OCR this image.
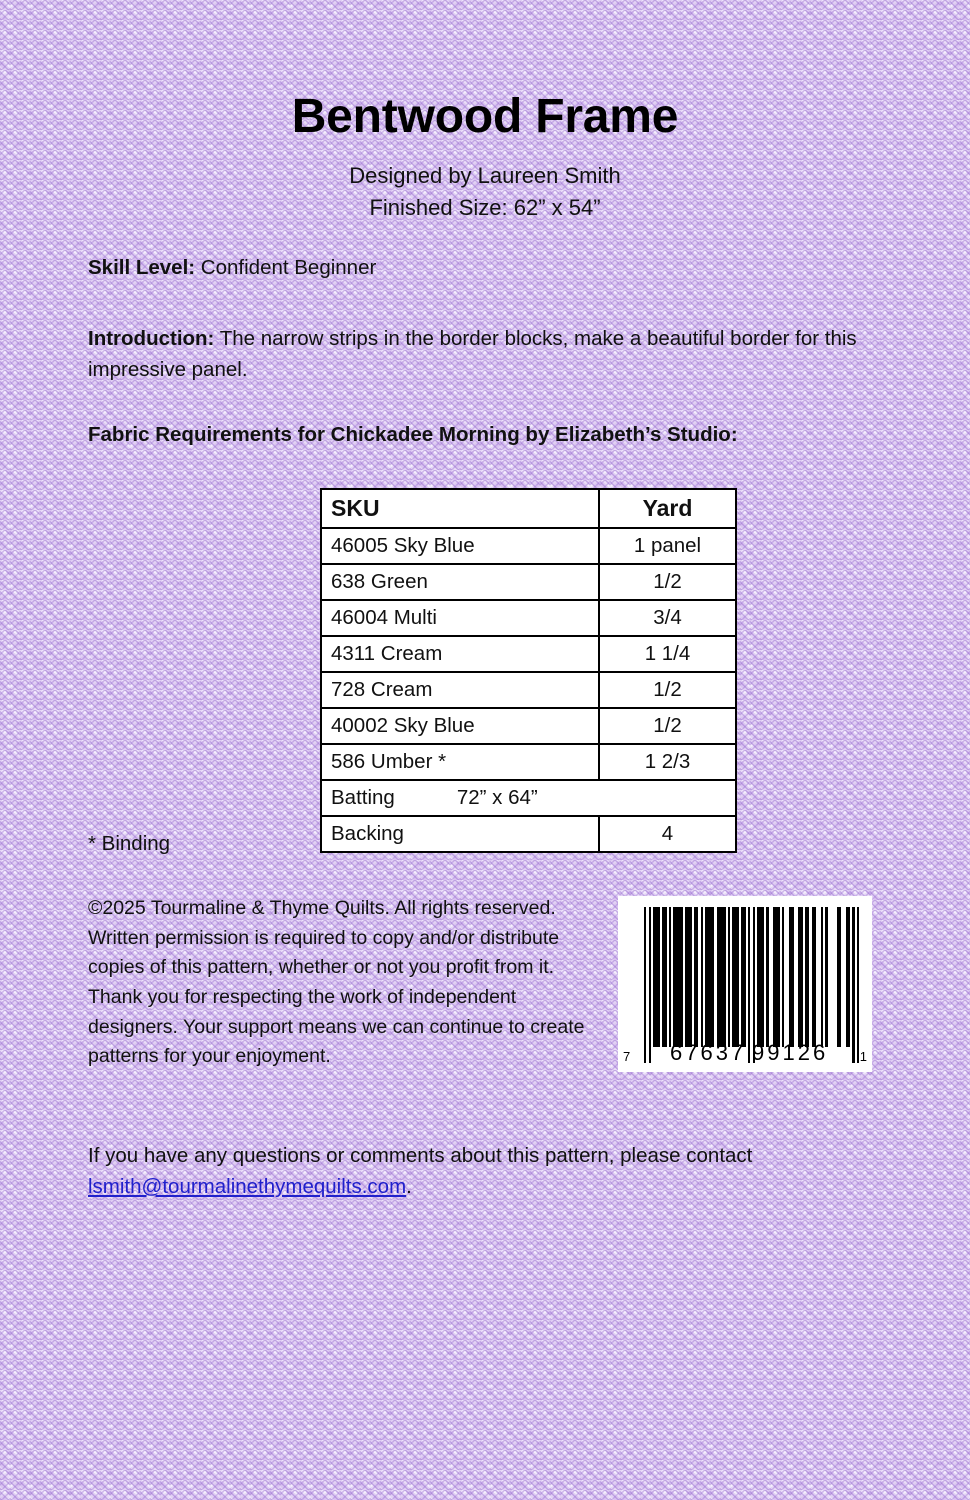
Bentwood Frame
Designed by Laureen Smith
Finished Size: 62” x 54”

Skill Level: Confident Beginner

Introduction: The narrow strips in the border blocks, make a beautiful border for this impressive panel.

Fabric Requirements for Chickadee Morning by Elizabeth’s Studio:

SKU	Yard
46005 Sky Blue	1 panel
638 Green	1/2
46004 Multi	3/4
4311 Cream	1 1/4
728 Cream	1/2
40002 Sky Blue	1/2
586 Umber *	1 2/3
Batting 72” x 64”	
Backing	4
* Binding
©2025 Tourmaline & Thyme Quilts. All rights reserved. Written permission is required to copy and/or distribute copies of this pattern, whether or not you profit from it. Thank you for respecting the work of independent designers. Your support means we can continue to create patterns for your enjoyment.	7 67637 99126 1
If you have any questions or comments about this pattern, please contact lsmith@tourmalinethymequilts.com.
